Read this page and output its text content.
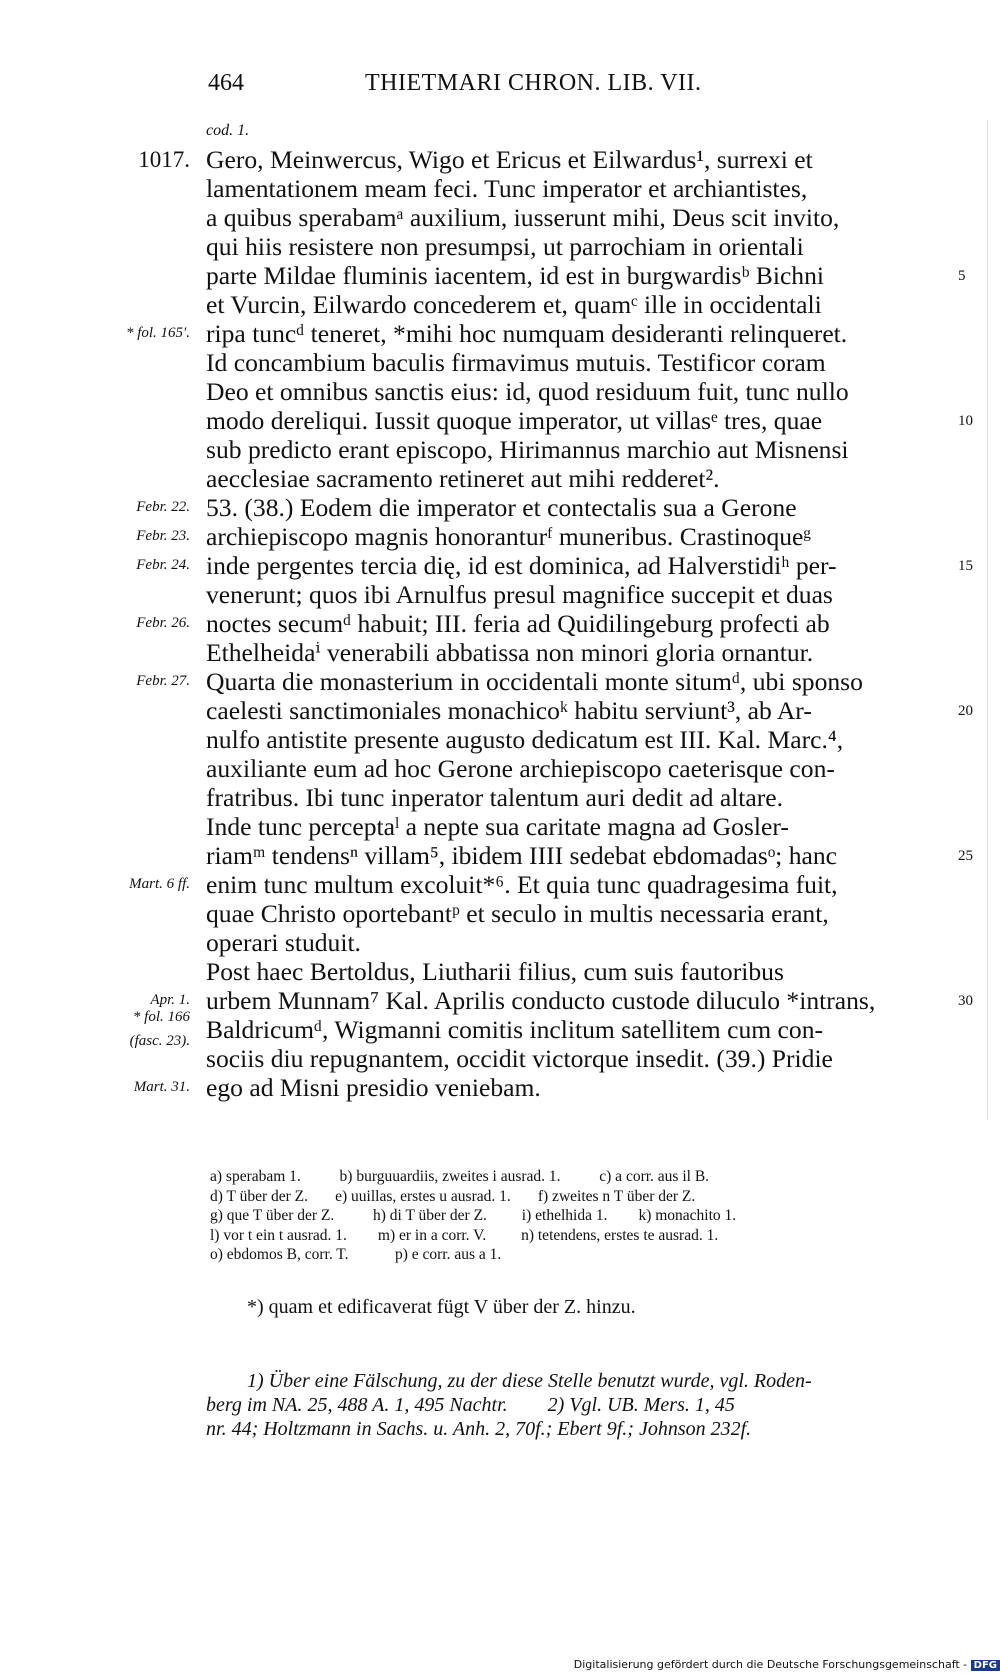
464	THIETMARI CHRON. LIB. VII.
cod. 1.
Gero, Meinwercus, Wigo et Ericus et Eilwardus¹, surrexi et
lamentationem meam feci. Tunc imperator et archiantistes,
a quibus sperabamᵃ auxilium, iusserunt mihi, Deus scit invito,
qui hiis resistere non presumpsi, ut parrochiam in orientali
parte Mildae fluminis iacentem, id est in burgwardisᵇ Bichni
et Vurcin, Eilwardo concederem et, quamᶜ ille in occidentali
ripa tuncᵈ teneret, *mihi hoc numquam desideranti relinqueret.
Id concambium baculis firmavimus mutuis. Testificor coram
Deo et omnibus sanctis eius: id, quod residuum fuit, tunc nullo
modo dereliqui. Iussit quoque imperator, ut villasᵉ tres, quae
sub predicto erant episcopo, Hirimannus marchio aut Misnensi
aecclesiae sacramento retineret aut mihi redderet².
53. (38.) Eodem die imperator et contectalis sua a Gerone
archiepiscopo magnis honoranturᶠ muneribus. Crastinoqueᵍ
inde pergentes tercia dię, id est dominica, ad Halverstidiʰ per-
venerunt; quos ibi Arnulfus presul magnifice succepit et duas
noctes secumᵈ habuit; III. feria ad Quidilingeburg profecti ab
Ethelheidaⁱ venerabili abbatissa non minori gloria ornantur.
Quarta die monasterium in occidentali monte situmᵈ, ubi sponso
caelesti sanctimoniales monachicoᵏ habitu serviunt³, ab Ar-
nulfo antistite presente augusto dedicatum est III. Kal. Marc.⁴,
auxiliante eum ad hoc Gerone archiepiscopo caeterisque con-
fratribus. Ibi tunc inperator talentum auri dedit ad altare.
Inde tunc perceptaˡ a nepte sua caritate magna ad Gosler-
riamᵐ tendensⁿ villam⁵, ibidem IIII sedebat ebdomadasᵒ; hanc
enim tunc multum excoluit*⁶. Et quia tunc quadragesima fuit,
quae Christo oportebantᵖ et seculo in multis necessaria erant,
operari studuit.
Post haec Bertoldus, Liutharii filius, cum suis fautoribus
urbem Munnam⁷ Kal. Aprilis conducto custode diluculo *intrans,
Baldricumᵈ, Wigmanni comitis inclitum satellitem cum con-
sociis diu repugnantem, occidit victorque insedit. (39.) Pridie
ego ad Misni presidio veniebam.
1017.
* fol. 165'.
Febr. 22.
Febr. 23.
Febr. 24.
Febr. 26.
Febr. 27.
Mart. 6 ff.
Apr. 1.
* fol. 166
(fasc. 23).
Mart. 31.
5
10
15
20
25
30
a) sperabam 1.          b) burguuardiis, zweites i ausrad. 1.          c) a corr. aus il B.
d) T über der Z.       e) uuillas, erstes u ausrad. 1.       f) zweites n T über der Z.
g) que T über der Z.          h) di T über der Z.         i) ethelhida 1.        k) monachito 1.
l) vor t ein t ausrad. 1.        m) er in a corr. V.         n) tetendens, erstes te ausrad. 1.
o) ebdomos B, corr. T.            p) e corr. aus a 1.
*) quam et edificaverat fügt V über der Z. hinzu.
1) Über eine Fälschung, zu der diese Stelle benutzt wurde, vgl. Roden-
berg im NA. 25, 488 A. 1, 495 Nachtr.        2) Vgl. UB. Mers. 1, 45
nr. 44; Holtzmann in Sachs. u. Anh. 2, 70f.; Ebert 9f.; Johnson 232f.
Digitalisierung gefördert durch die Deutsche Forschungsgemeinschaft - DFG
